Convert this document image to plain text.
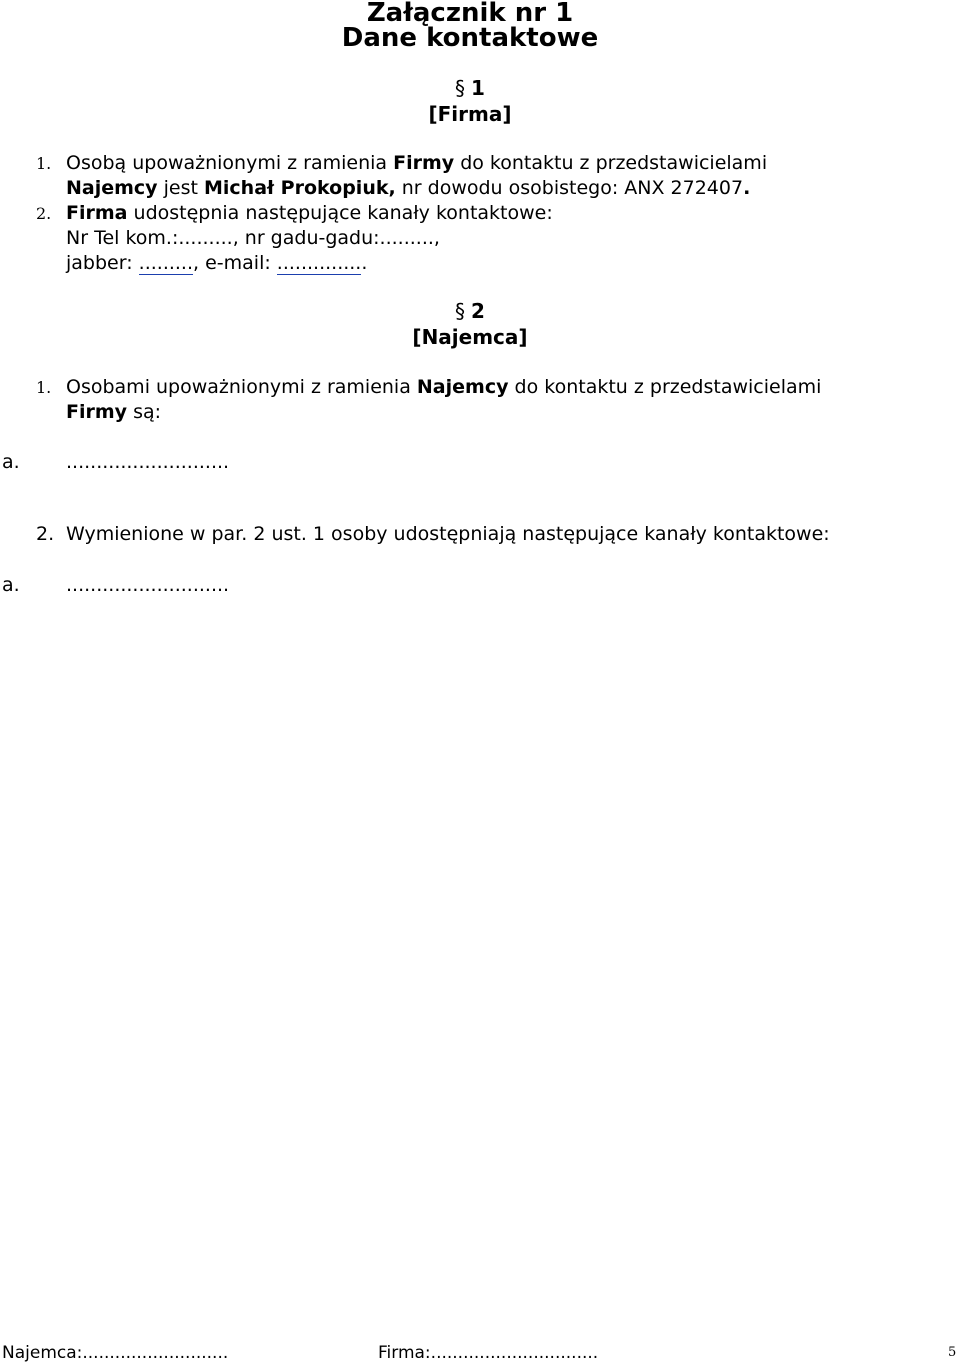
Załącznik nr 1
Dane kontaktowe
§ 1
[Firma]
1. Osobą upoważnionymi z ramienia Firmy do kontaktu z przedstawicielami
Najemcy jest Michał Prokopiuk, nr dowodu osobistego: ANX 272407.
2. Firma udostępnia następujące kanały kontaktowe:
Nr Tel kom.:........., nr gadu-gadu:.........,
jabber: ........., e-mail: ...............
§ 2
[Najemca]
1. Osobami upoważnionymi z ramienia Najemcy do kontaktu z przedstawicielami
Firmy są:
a. ...........................
2. Wymienione w par. 2 ust. 1 osoby udostępniają następujące kanały kontaktowe:
a. ...........................
Najemca:...........................	Firma:...............................	5
